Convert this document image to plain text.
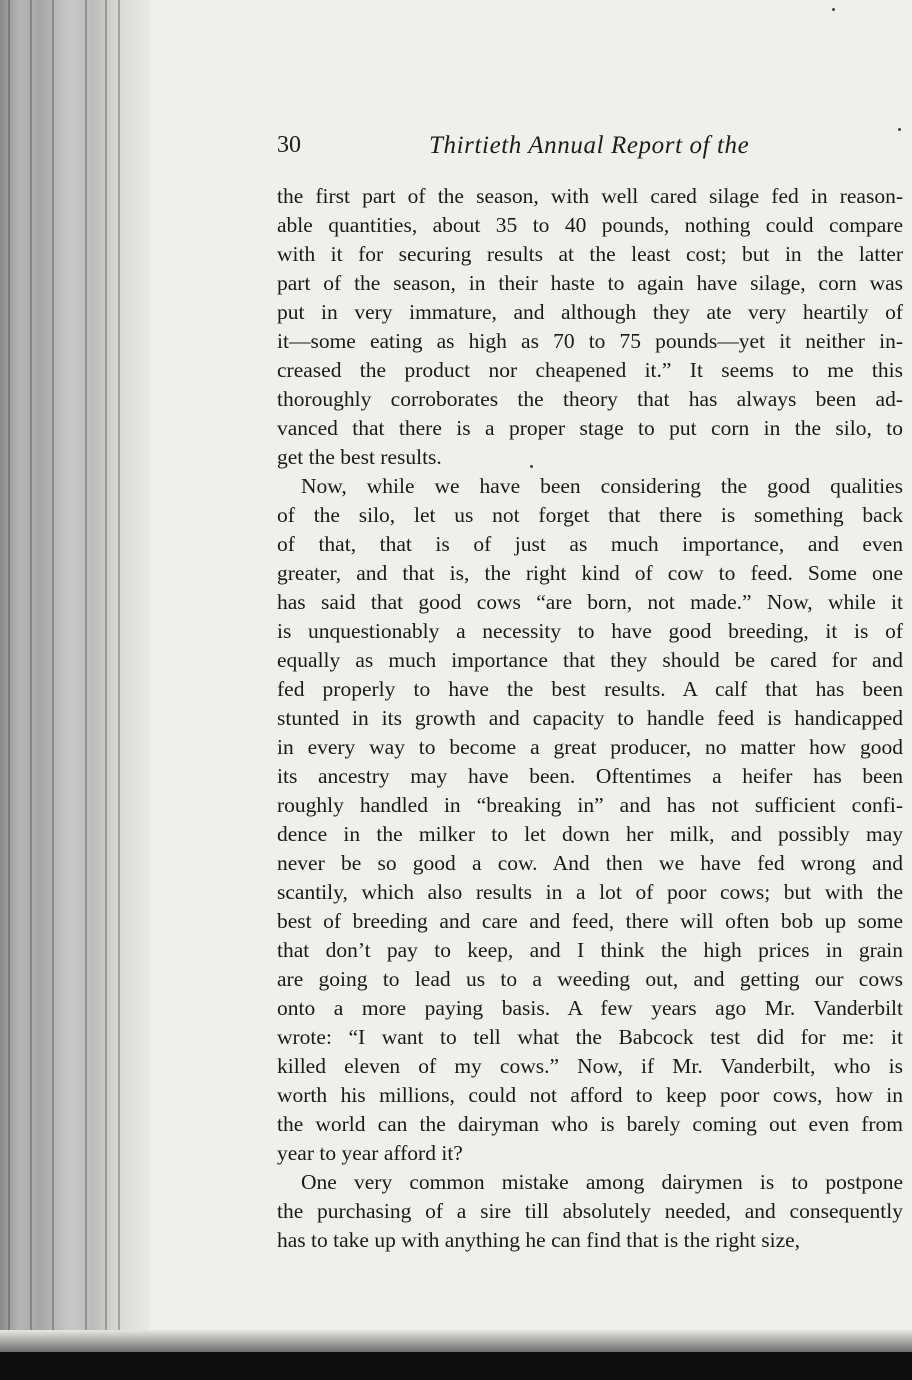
30	Thirtieth Annual Report of the
the first part of the season, with well cared silage fed in reason-
able quantities, about 35 to 40 pounds, nothing could compare
with it for securing results at the least cost; but in the latter
part of the season, in their haste to again have silage, corn was
put in very immature, and although they ate very heartily of
it—some eating as high as 70 to 75 pounds—yet it neither in-
creased the product nor cheapened it.” It seems to me this
thoroughly corroborates the theory that has always been ad-
vanced that there is a proper stage to put corn in the silo, to
get the best results.
Now, while we have been considering the good qualities
of the silo, let us not forget that there is something back
of that, that is of just as much importance, and even
greater, and that is, the right kind of cow to feed. Some one
has said that good cows “are born, not made.” Now, while it
is unquestionably a necessity to have good breeding, it is of
equally as much importance that they should be cared for and
fed properly to have the best results. A calf that has been
stunted in its growth and capacity to handle feed is handicapped
in every way to become a great producer, no matter how good
its ancestry may have been. Oftentimes a heifer has been
roughly handled in “breaking in” and has not sufficient confi-
dence in the milker to let down her milk, and possibly may
never be so good a cow. And then we have fed wrong and
scantily, which also results in a lot of poor cows; but with the
best of breeding and care and feed, there will often bob up some
that don’t pay to keep, and I think the high prices in grain
are going to lead us to a weeding out, and getting our cows
onto a more paying basis. A few years ago Mr. Vanderbilt
wrote: “I want to tell what the Babcock test did for me: it
killed eleven of my cows.” Now, if Mr. Vanderbilt, who is
worth his millions, could not afford to keep poor cows, how in
the world can the dairyman who is barely coming out even from
year to year afford it?
One very common mistake among dairymen is to postpone
the purchasing of a sire till absolutely needed, and consequently
has to take up with anything he can find that is the right size,
